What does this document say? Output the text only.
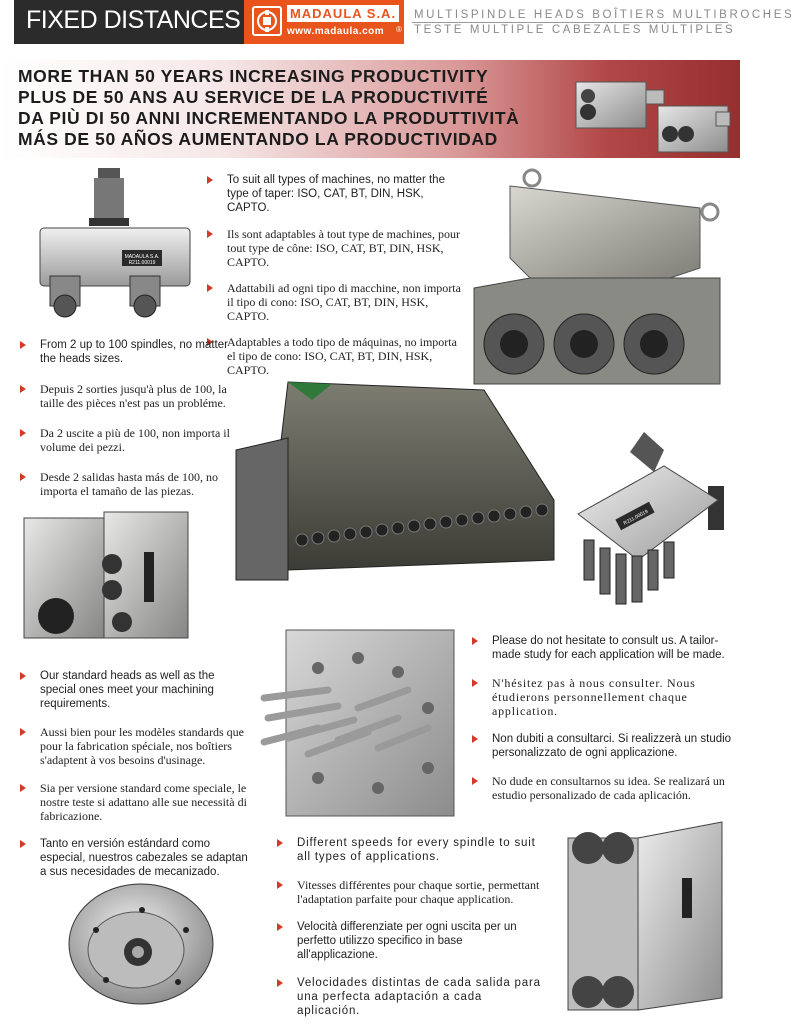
FIXED DISTANCES	MADAULA S.A.
www.madaula.com ®
MULTISPINDLE HEADS BOÎTIERS MULTIBROCHES
TESTE MULTIPLE CABEZALES MÚLTIPLES
MORE THAN 50 YEARS INCREASING PRODUCTIVITY
PLUS DE 50 ANS AU SERVICE DE LA PRODUCTIVITÉ
DA PIÙ DI 50 ANNI INCREMENTANDO LA PRODUTTIVITÀ
MÁS DE 50 AÑOS AUMENTANDO LA PRODUCTIVIDAD
MADAULA S.A.
R211.00019
R211.00019
To suit all types of machines, no matter the type of taper: ISO, CAT, BT, DIN, HSK, CAPTO.
Ils sont adaptables à tout type de machines, pour tout type de cône: ISO, CAT, BT, DIN, HSK, CAPTO.
Adattabili ad ogni tipo di macchine, non importa il tipo di cono: ISO, CAT, BT, DIN, HSK, CAPTO.
Adaptables a todo tipo de máquinas, no importa el tipo de cono: ISO, CAT, BT, DIN, HSK, CAPTO.
From 2 up to 100 spindles, no matter the heads sizes.
Depuis 2 sorties jusqu'à plus de 100, la taille des pièces n'est pas un probléme.
Da 2 uscite a più de 100, non importa il volume dei pezzi.
Desde 2 salidas hasta más de 100, no importa el tamaño de las piezas.
Please do not hesitate to consult us. A tailor-made study for each application will be made.
N'hésitez pas à nous consulter. Nous étudierons personnellement chaque application.
Non dubiti a consultarci. Si realizzerà un studio personalizzato de ogni applicazione.
No dude en consultarnos su idea. Se realizará un estudio personalizado de cada aplicación.
Our standard heads as well as the special ones meet your machining requirements.
Aussi bien pour les modèles standards que pour la fabrication spéciale, nos boîtiers s'adaptent à vos besoins d'usinage.
Sia per versione standard come speciale, le nostre teste si adattano alle sue necessità di fabricazione.
Tanto en versión estándard como especial, nuestros cabezales se adaptan a sus necesidades de mecanizado.
Different speeds for every spindle to suit all types of applications.
Vitesses différentes pour chaque sortie, permettant l'adaptation parfaite pour chaque application.
Velocità differenziate per ogni uscita per un perfetto utilizzo specifico in base all'applicazione.
Velocidades distintas de cada salida para una perfecta adaptación a cada aplicación.
